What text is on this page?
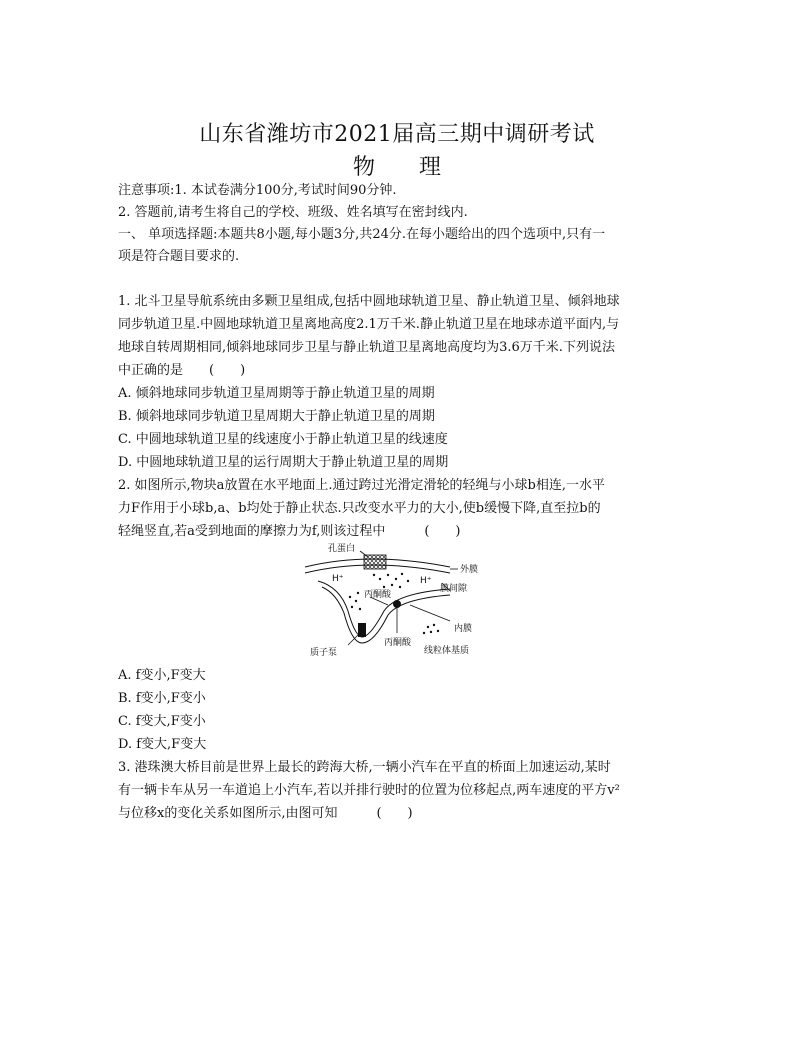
山东省潍坊市2021届高三期中调研考试
物　　理
注意事项:1. 本试卷满分100分,考试时间90分钟.
2. 答题前,请考生将自己的学校、班级、姓名填写在密封线内.
一、 单项选择题:本题共8小题,每小题3分,共24分.在每小题给出的四个选项中,只有一
项是符合题目要求的.
1. 北斗卫星导航系统由多颗卫星组成,包括中圆地球轨道卫星、静止轨道卫星、倾斜地球
同步轨道卫星.中圆地球轨道卫星离地高度2.1万千米.静止轨道卫星在地球赤道平面内,与
地球自转周期相同,倾斜地球同步卫星与静止轨道卫星离地高度均为3.6万千米.下列说法
中正确的是　　(　　)
A. 倾斜地球同步轨道卫星周期等于静止轨道卫星的周期
B. 倾斜地球同步轨道卫星周期大于静止轨道卫星的周期
C. 中圆地球轨道卫星的线速度小于静止轨道卫星的线速度
D. 中圆地球轨道卫星的运行周期大于静止轨道卫星的周期
2. 如图所示,物块a放置在水平地面上.通过跨过光滑定滑轮的轻绳与小球b相连,一水平
力F作用于小球b,a、b均处于静止状态.只改变水平力的大小,使b缓慢下降,直至拉b的
轻绳竖直,若a受到地面的摩擦力为f,则该过程中　　　(　　)
孔蛋白
外膜
H⁺	H⁺
膜间隙
丙酮酸
内膜
质子泵
丙酮酸
线粒体基质
A. f变小,F变大
B. f变小,F变小
C. f变大,F变小
D. f变大,F变大
3. 港珠澳大桥目前是世界上最长的跨海大桥,一辆小汽车在平直的桥面上加速运动,某时
有一辆卡车从另一车道追上小汽车,若以并排行驶时的位置为位移起点,两车速度的平方v²
与位移x的变化关系如图所示,由图可知　　　(　　)
